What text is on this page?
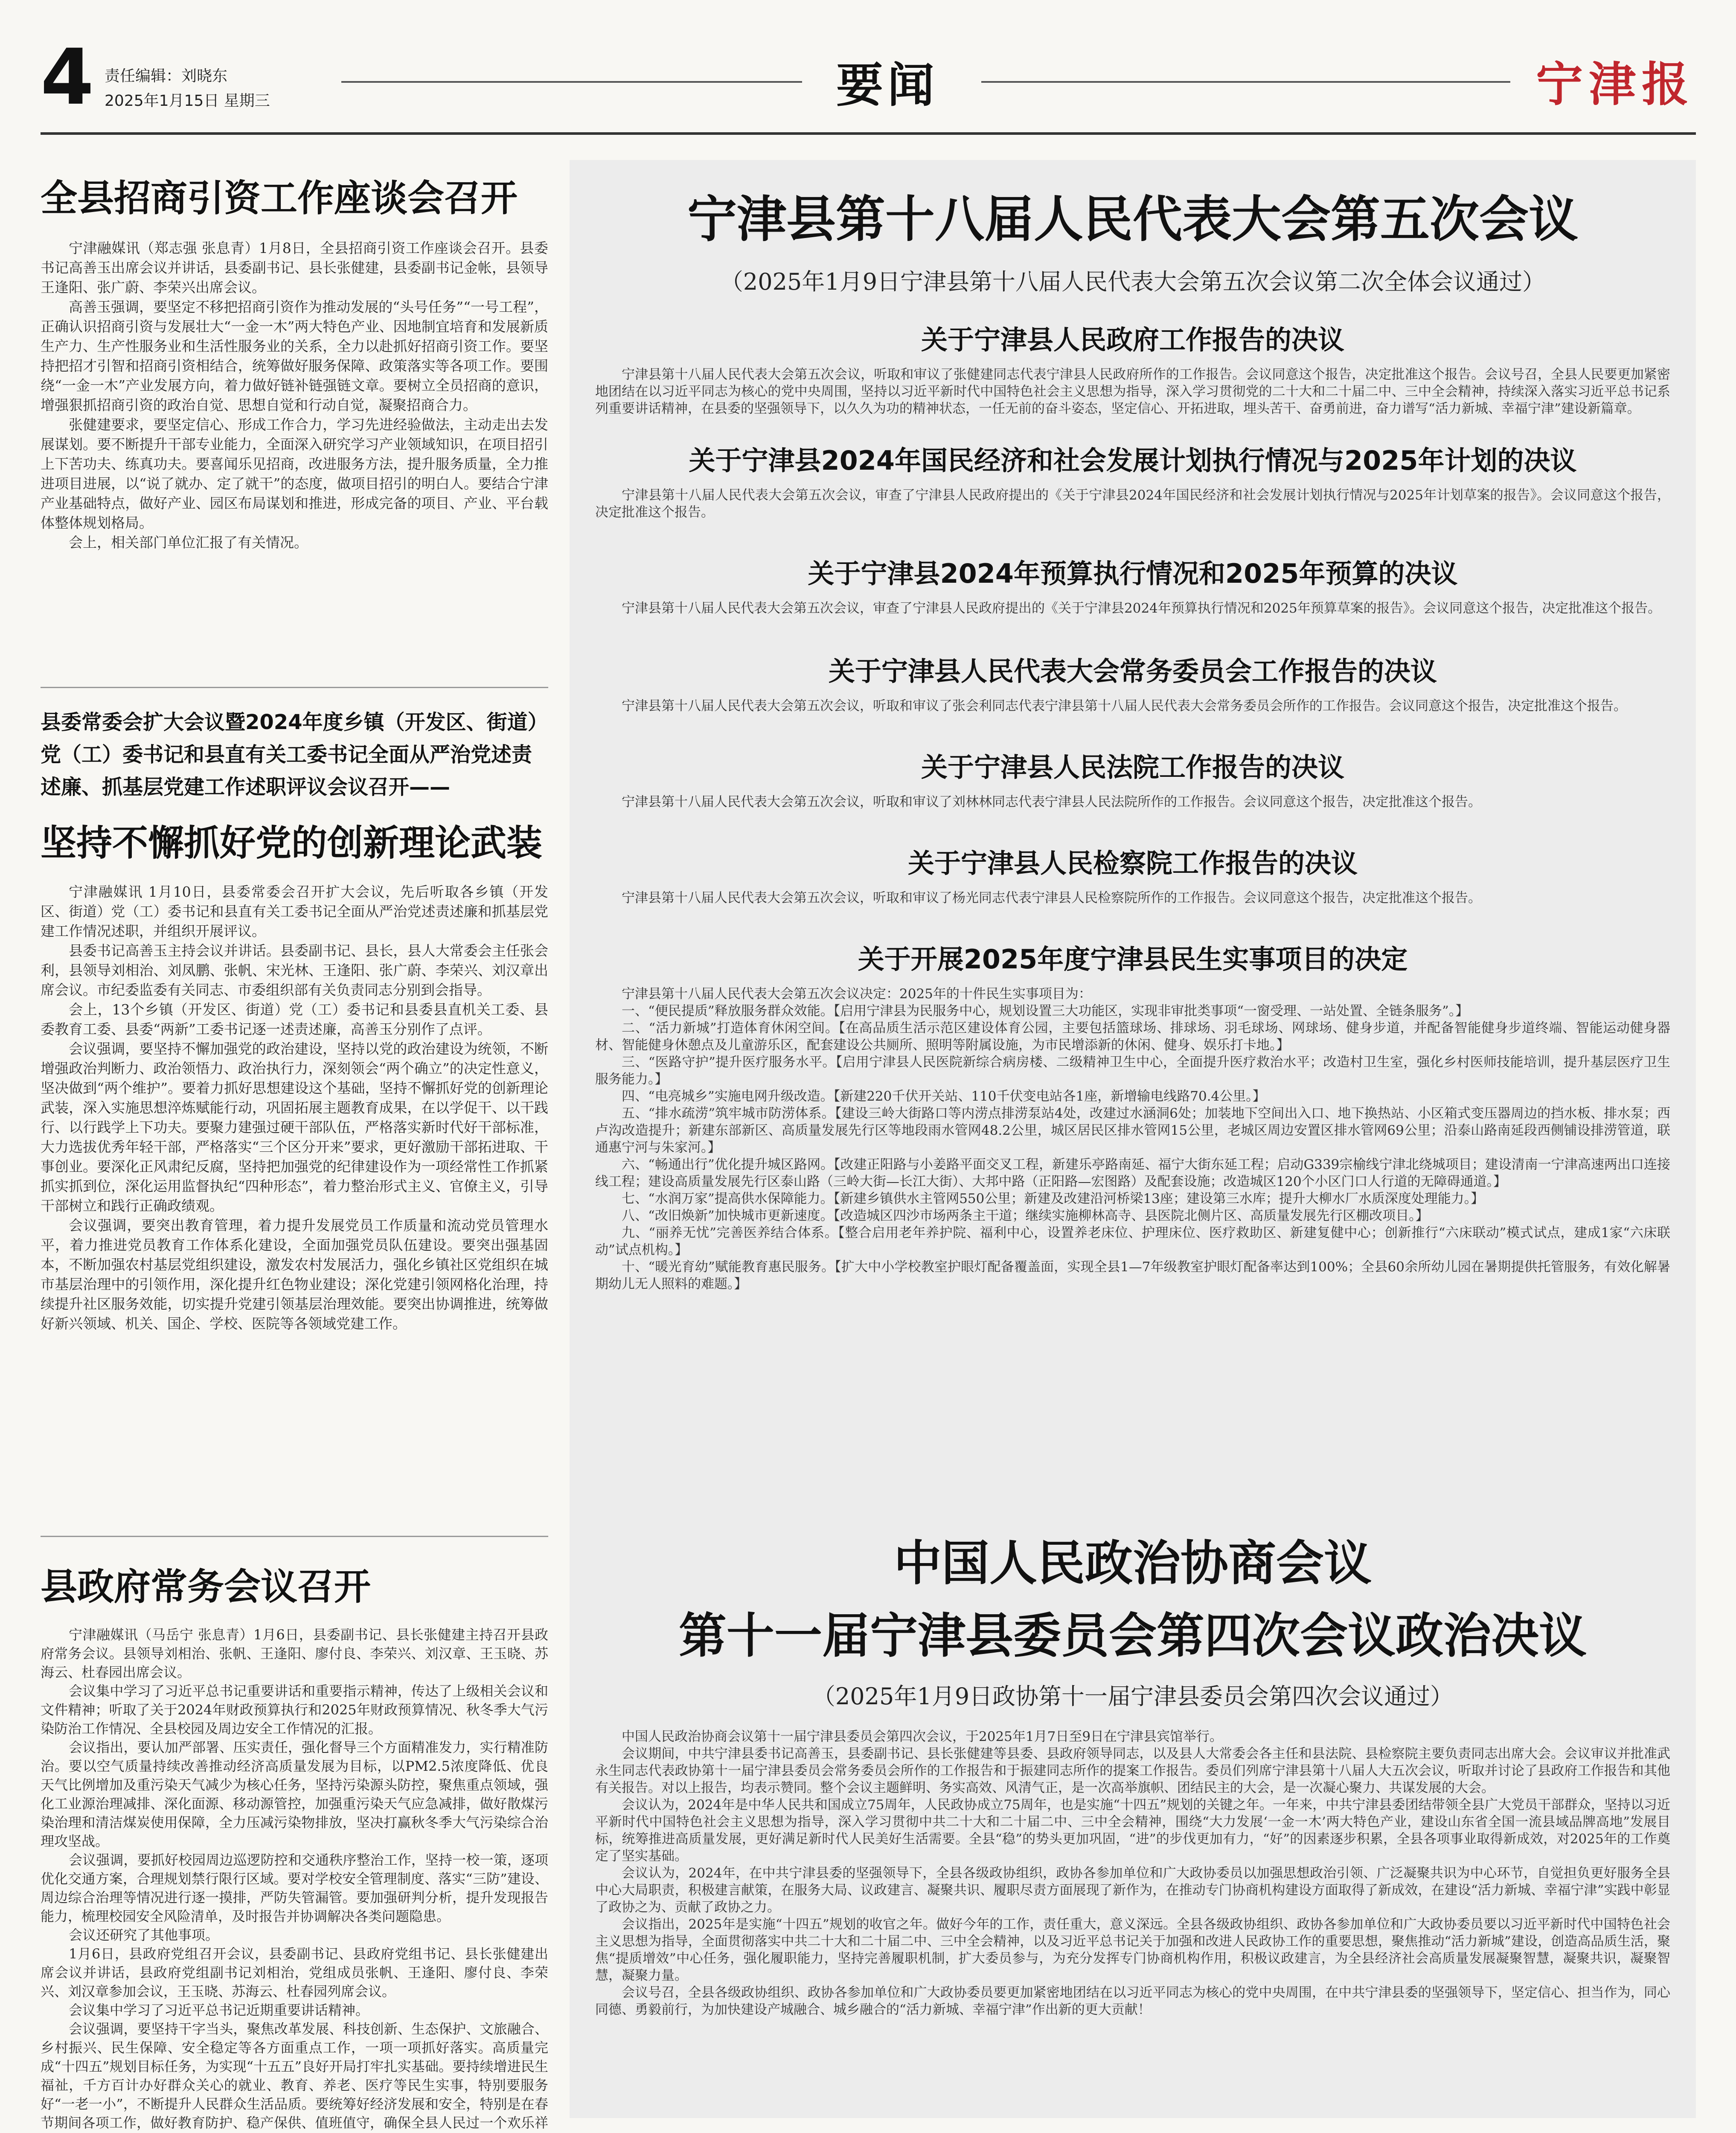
4 责任编辑：刘晓东
2025年1月15日 星期三	要闻	宁津报
全县招商引资工作座谈会召开

宁津融媒讯（郑志强 张息青）1月8日，全县招商引资工作座谈会召开。县委书记高善玉出席会议并讲话，县委副书记、县长张健建，县委副书记金帐，县领导王逢阳、张广蔚、李荣兴出席会议。

高善玉强调，要坚定不移把招商引资作为推动发展的“头号任务”“一号工程”，正确认识招商引资与发展壮大“一金一木”两大特色产业、因地制宜培育和发展新质生产力、生产性服务业和生活性服务业的关系，全力以赴抓好招商引资工作。要坚持把招才引智和招商引资相结合，统筹做好服务保障、政策落实等各项工作。要围绕“一金一木”产业发展方向，着力做好链补链强链文章。要树立全员招商的意识，增强狠抓招商引资的政治自觉、思想自觉和行动自觉，凝聚招商合力。

张健建要求，要坚定信心、形成工作合力，学习先进经验做法，主动走出去发展谋划。要不断提升干部专业能力，全面深入研究学习产业领域知识，在项目招引上下苦功夫、练真功夫。要喜闻乐见招商，改进服务方法，提升服务质量，全力推进项目进展，以“说了就办、定了就干”的态度，做项目招引的明白人。要结合宁津产业基础特点，做好产业、园区布局谋划和推进，形成完备的项目、产业、平台载体整体规划格局。

会上，相关部门单位汇报了有关情况。

县委常委会扩大会议暨2024年度乡镇（开发区、街道）党（工）委书记和县直有关工委书记全面从严治党述责述廉、抓基层党建工作述职评议会议召开——
坚持不懈抓好党的创新理论武装

宁津融媒讯 1月10日，县委常委会召开扩大会议，先后听取各乡镇（开发区、街道）党（工）委书记和县直有关工委书记全面从严治党述责述廉和抓基层党建工作情况述职，并组织开展评议。

县委书记高善玉主持会议并讲话。县委副书记、县长，县人大常委会主任张会利，县领导刘相治、刘凤鹏、张帆、宋光林、王逢阳、张广蔚、李荣兴、刘汉章出席会议。市纪委监委有关同志、市委组织部有关负责同志分别到会指导。

会上，13个乡镇（开发区、街道）党（工）委书记和县委县直机关工委、县委教育工委、县委“两新”工委书记逐一述责述廉，高善玉分别作了点评。

会议强调，要坚持不懈加强党的政治建设，坚持以党的政治建设为统领，不断增强政治判断力、政治领悟力、政治执行力，深刻领会“两个确立”的决定性意义，坚决做到“两个维护”。要着力抓好思想建设这个基础，坚持不懈抓好党的创新理论武装，深入实施思想淬炼赋能行动，巩固拓展主题教育成果，在以学促干、以干践行、以行践学上下功夫。要聚力建强过硬干部队伍，严格落实新时代好干部标准，大力选拔优秀年轻干部，严格落实“三个区分开来”要求，更好激励干部拓进取、干事创业。要深化正风肃纪反腐，坚持把加强党的纪律建设作为一项经常性工作抓紧抓实抓到位，深化运用监督执纪“四种形态”，着力整治形式主义、官僚主义，引导干部树立和践行正确政绩观。

会议强调，要突出教育管理，着力提升发展党员工作质量和流动党员管理水平，着力推进党员教育工作体系化建设，全面加强党员队伍建设。要突出强基固本，不断加强农村基层党组织建设，激发农村发展活力，强化乡镇社区党组织在城市基层治理中的引领作用，深化提升红色物业建设；深化党建引领网格化治理，持续提升社区服务效能，切实提升党建引领基层治理效能。要突出协调推进，统筹做好新兴领域、机关、国企、学校、医院等各领域党建工作。

县政府常务会议召开

宁津融媒讯（马岳宁 张息青）1月6日，县委副书记、县长张健建主持召开县政府常务会议。县领导刘相治、张帆、王逢阳、廖付良、李荣兴、刘汉章、王玉晓、苏海云、杜春园出席会议。

会议集中学习了习近平总书记重要讲话和重要指示精神，传达了上级相关会议和文件精神；听取了关于2024年财政预算执行和2025年财政预算情况、秋冬季大气污染防治工作情况、全县校园及周边安全工作情况的汇报。

会议指出，要认加严部署、压实责任，强化督导三个方面精准发力，实行精准防治。要以空气质量持续改善推动经济高质量发展为目标，以PM2.5浓度降低、优良天气比例增加及重污染天气减少为核心任务，坚持污染源头防控，聚焦重点领域，强化工业源治理减排、深化面源、移动源管控，加强重污染天气应急减排，做好散煤污染治理和清洁煤炭使用保障，全力压减污染物排放，坚决打赢秋冬季大气污染综合治理攻坚战。

会议强调，要抓好校园周边巡逻防控和交通秩序整治工作，坚持一校一策，逐项优化交通方案，合理规划禁行限行区域。要对学校安全管理制度、落实“三防”建设、周边综合治理等情况进行逐一摸排，严防失管漏管。要加强研判分析，提升发现报告能力，梳理校园安全风险清单，及时报告并协调解决各类问题隐患。

会议还研究了其他事项。

1月6日，县政府党组召开会议，县委副书记、县政府党组书记、县长张健建出席会议并讲话，县政府党组副书记刘相治，党组成员张帆、王逢阳、廖付良、李荣兴、刘汉章参加会议，王玉晓、苏海云、杜春园列席会议。

会议集中学习了习近平总书记近期重要讲话精神。

会议强调，要坚持干字当头，聚焦改革发展、科技创新、生态保护、文旅融合、乡村振兴、民生保障、安全稳定等各方面重点工作，一项一项抓好落实。高质量完成“十四五”规划目标任务，为实现“十五五”良好开局打牢扎实基础。要持续增进民生福祉，千方百计办好群众关心的就业、教育、养老、医疗等民生实事，特别要服务好“一老一小”，不断提升人民群众生活品质。要统筹好经济发展和安全，特别是在春节期间各项工作，做好教育防护、稳产保供、值班值守，确保全县人民过一个欢乐祥

宁津县第十八届人民代表大会第五次会议
（2025年1月9日宁津县第十八届人民代表大会第五次会议第二次全体会议通过）
关于宁津县人民政府工作报告的决议
宁津县第十八届人民代表大会第五次会议，听取和审议了张健建同志代表宁津县人民政府所作的工作报告。会议同意这个报告，决定批准这个报告。会议号召，全县人民要更加紧密地团结在以习近平同志为核心的党中央周围，坚持以习近平新时代中国特色社会主义思想为指导，深入学习贯彻党的二十大和二十届二中、三中全会精神，持续深入落实习近平总书记系列重要讲话精神，在县委的坚强领导下，以久久为功的精神状态，一任无前的奋斗姿态，坚定信心、开拓进取，埋头苦干、奋勇前进，奋力谱写“活力新城、幸福宁津”建设新篇章。
关于宁津县2024年国民经济和社会发展计划执行情况与2025年计划的决议
宁津县第十八届人民代表大会第五次会议，审查了宁津县人民政府提出的《关于宁津县2024年国民经济和社会发展计划执行情况与2025年计划草案的报告》。会议同意这个报告，决定批准这个报告。
关于宁津县2024年预算执行情况和2025年预算的决议
宁津县第十八届人民代表大会第五次会议，审查了宁津县人民政府提出的《关于宁津县2024年预算执行情况和2025年预算草案的报告》。会议同意这个报告，决定批准这个报告。
关于宁津县人民代表大会常务委员会工作报告的决议
宁津县第十八届人民代表大会第五次会议，听取和审议了张会利同志代表宁津县第十八届人民代表大会常务委员会所作的工作报告。会议同意这个报告，决定批准这个报告。
关于宁津县人民法院工作报告的决议
宁津县第十八届人民代表大会第五次会议，听取和审议了刘林林同志代表宁津县人民法院所作的工作报告。会议同意这个报告，决定批准这个报告。
关于宁津县人民检察院工作报告的决议
宁津县第十八届人民代表大会第五次会议，听取和审议了杨光同志代表宁津县人民检察院所作的工作报告。会议同意这个报告，决定批准这个报告。
关于开展2025年度宁津县民生实事项目的决定
宁津县第十八届人民代表大会第五次会议决定：2025年的十件民生实事项目为：
一、“便民提质”释放服务群众效能。【启用宁津县为民服务中心，规划设置三大功能区，实现非审批类事项“一窗受理、一站处置、全链条服务”。】
二、“活力新城”打造体育休闲空间。【在高品质生活示范区建设体育公园，主要包括篮球场、排球场、羽毛球场、网球场、健身步道，并配备智能健身步道终端、智能运动健身器材、智能健身休憩点及儿童游乐区，配套建设公共厕所、照明等附属设施，为市民增添新的休闲、健身、娱乐打卡地。】
三、“医路守护”提升医疗服务水平。【启用宁津县人民医院新综合病房楼、二级精神卫生中心，全面提升医疗救治水平；改造村卫生室，强化乡村医师技能培训，提升基层医疗卫生服务能力。】
四、“电亮城乡”实施电网升级改造。【新建220千伏开关站、110千伏变电站各1座，新增输电线路70.4公里。】
五、“排水疏涝”筑牢城市防涝体系。【建设三岭大街路口等内涝点排涝泵站4处，改建过水涵洞6处；加装地下空间出入口、地下换热站、小区箱式变压器周边的挡水板、排水泵；西卢沟改造提升；新建东部新区、高质量发展先行区等地段雨水管网48.2公里，城区居民区排水管网15公里，老城区周边安置区排水管网69公里；沿泰山路南延段西侧铺设排涝管道，联通惠宁河与朱家河。】
六、“畅通出行”优化提升城区路网。【改建正阳路与小姜路平面交叉工程，新建乐亭路南延、福宁大街东延工程；启动G339宗榆线宁津北绕城项目；建设清南一宁津高速两出口连接线工程；建设高质量发展先行区泰山路（三岭大街—长江大街）、大邦中路（正阳路—宏图路）及配套设施；改造城区120个小区门口人行道的无障碍通道。】
七、“水润万家”提高供水保障能力。【新建乡镇供水主管网550公里；新建及改建沿河桥梁13座；建设第三水库；提升大柳水厂水质深度处理能力。】
八、“改旧焕新”加快城市更新速度。【改造城区四沙市场两条主干道；继续实施柳林高寺、县医院北侧片区、高质量发展先行区棚改项目。】
九、“丽养无忧”完善医养结合体系。【整合启用老年养护院、福利中心，设置养老床位、护理床位、医疗救助区、新建复健中心；创新推行“六床联动”模式试点，建成1家“六床联动”试点机构。】
十、“暖光育幼”赋能教育惠民服务。【扩大中小学校教室护眼灯配备覆盖面，实现全县1—7年级教室护眼灯配备率达到100%；全县60余所幼儿园在暑期提供托管服务，有效化解暑期幼儿无人照料的难题。】
中国人民政治协商会议
第十一届宁津县委员会第四次会议政治决议
（2025年1月9日政协第十一届宁津县委员会第四次会议通过）
中国人民政治协商会议第十一届宁津县委员会第四次会议，于2025年1月7日至9日在宁津县宾馆举行。
会议期间，中共宁津县委书记高善玉，县委副书记、县长张健建等县委、县政府领导同志，以及县人大常委会各主任和县法院、县检察院主要负责同志出席大会。会议审议并批准武永生同志代表政协第十一届宁津县委员会常务委员会所作的工作报告和于振建同志所作的提案工作报告。委员们列席宁津县第十八届人大五次会议，听取并讨论了县政府工作报告和其他有关报告。对以上报告，均表示赞同。整个会议主题鲜明、务实高效、风清气正，是一次高举旗帜、团结民主的大会，是一次凝心聚力、共谋发展的大会。
会议认为，2024年是中华人民共和国成立75周年，人民政协成立75周年，也是实施“十四五”规划的关键之年。一年来，中共宁津县委团结带领全县广大党员干部群众，坚持以习近平新时代中国特色社会主义思想为指导，深入学习贯彻中共二十大和二十届二中、三中全会精神，围绕“大力发展‘一金一木’两大特色产业，建设山东省全国一流县域品牌高地”发展目标，统筹推进高质量发展，更好满足新时代人民美好生活需要。全县“稳”的势头更加巩固，“进”的步伐更加有力，“好”的因素逐步积累，全县各项事业取得新成效，对2025年的工作奠定了坚实基础。
会议认为，2024年，在中共宁津县委的坚强领导下，全县各级政协组织，政协各参加单位和广大政协委员以加强思想政治引领、广泛凝聚共识为中心环节，自觉担负更好服务全县中心大局职责，积极建言献策，在服务大局、议政建言、凝聚共识、履职尽责方面展现了新作为，在推动专门协商机构建设方面取得了新成效，在建设“活力新城、幸福宁津”实践中彰显了政协之为、贡献了政协之力。
会议指出，2025年是实施“十四五”规划的收官之年。做好今年的工作，责任重大，意义深远。全县各级政协组织、政协各参加单位和广大政协委员要以习近平新时代中国特色社会主义思想为指导，全面贯彻落实中共二十大和二十届二中、三中全会精神，以及习近平总书记关于加强和改进人民政协工作的重要思想，聚焦推动“活力新城”建设，创造高品质生活，聚焦“提质增效”中心任务，强化履职能力，坚持完善履职机制，扩大委员参与，为充分发挥专门协商机构作用，积极议政建言，为全县经济社会高质量发展凝聚智慧，凝聚共识，凝聚智慧，凝聚力量。
会议号召，全县各级政协组织、政协各参加单位和广大政协委员要更加紧密地团结在以习近平同志为核心的党中央周围，在中共宁津县委的坚强领导下，坚定信心、担当作为，同心同德、勇毅前行，为加快建设产城融合、城乡融合的“活力新城、幸福宁津”作出新的更大贡献！
